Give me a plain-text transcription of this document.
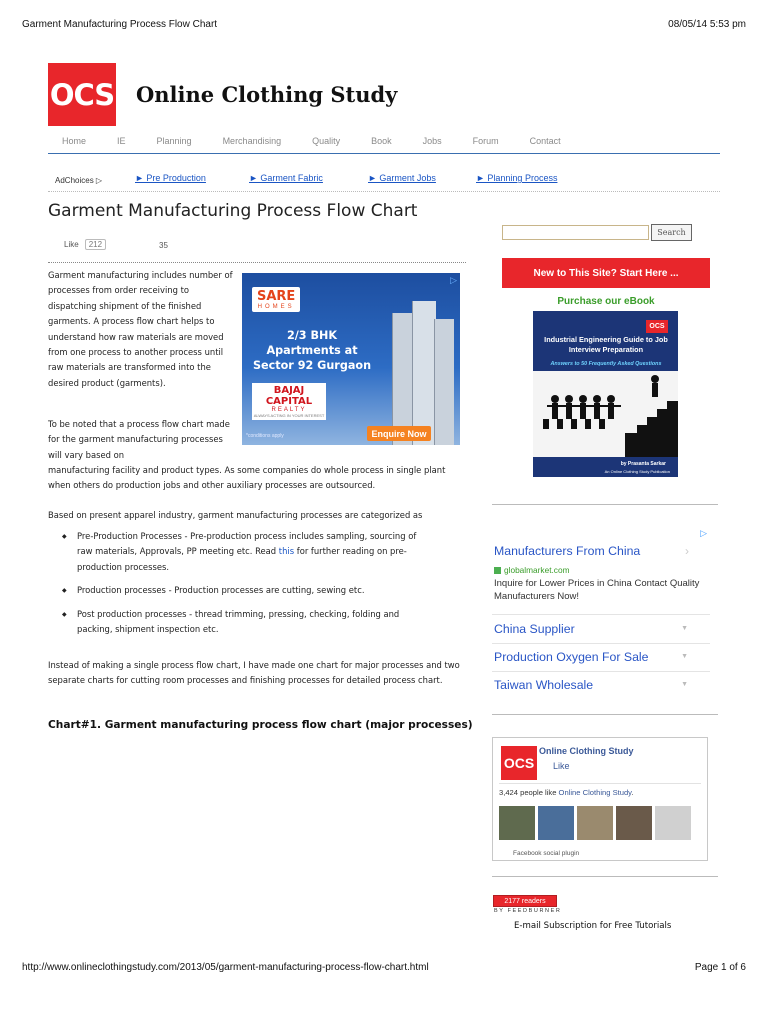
Garment Manufacturing Process Flow Chart	08/05/14 5:53 pm
OCS Online Clothing Study
Home	IE	Planning	Merchandising	Quality	Book	Jobs	Forum	Contact
AdChoices ▷	► Pre Production	► Garment Fabric	► Garment Jobs	► Planning Process
Garment Manufacturing Process Flow Chart
Like	212	35

Garment manufacturing includes number of processes from order receiving to dispatching shipment of the finished garments. A process flow chart helps to understand how raw materials are moved from one process to another process until raw materials are transformed into the desired product (garments).

To be noted that a process flow chart made for the garment manufacturing processes will vary based on

manufacturing facility and product types. As some companies do whole process in single plant when others do production jobs and other auxiliary processes are outsourced.

Based on present apparel industry, garment manufacturing processes are categorized as

◆ Pre-Production Processes - Pre-production process includes sampling, sourcing of raw materials, Approvals, PP meeting etc. Read this for further reading on pre-production processes.
◆ Production processes - Production processes are cutting, sewing etc.
◆ Post production processes - thread trimming, pressing, checking, folding and packing, shipment inspection etc.

Instead of making a single process flow chart, I have made one chart for major processes and two separate charts for cutting room processes and finishing processes for detailed process chart.

Chart#1. Garment manufacturing process flow chart (major processes)
▷
SARE
HOMES
2/3 BHK Apartments at Sector 92 Gurgaon
BAJAJ CAPITAL
REALTY
ALWAYS ACTING IN YOUR INTEREST
*conditions apply	Enquire Now
Search
New to This Site? Start Here ...
Purchase our eBook
OCS
Industrial Engineering Guide to Job Interview Preparation
Answers to 50 Frequently Asked Questions
by Prasanta Sarkar
An Online Clothing Study Publication
▷
Manufacturers From China	›
globalmarket.com
Inquire for Lower Prices in China Contact Quality Manufacturers Now!
China Supplier	▼
Production Oxygen For Sale	▼
Taiwan Wholesale	▼
OCS
Online Clothing Study
Like
3,424 people like Online Clothing Study.
Facebook social plugin
2177 readers
BY FEEDBURNER
E-mail Subscription for Free Tutorials
http://www.onlineclothingstudy.com/2013/05/garment-manufacturing-process-flow-chart.html	Page 1 of 6
